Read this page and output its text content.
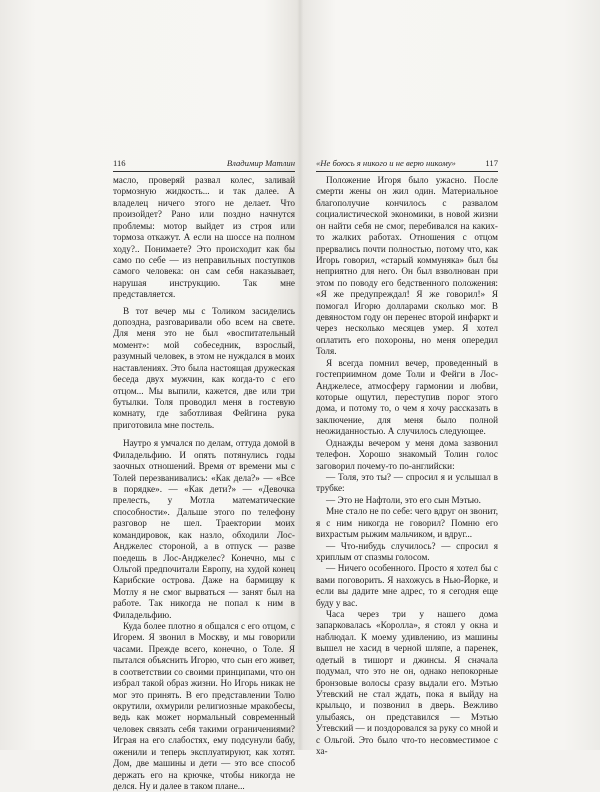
116	Владимир Матлин

масло, проверяй развал колес, заливай тормозную жидкость... и так далее. А владелец ничего этого не делает. Что произойдет? Рано или поздно начнутся проблемы: мотор выйдет из строя или тормоза откажут. А если на шоссе на полном ходу?.. Понимаете? Это происходит как бы само по себе — из неправильных поступков самого человека: он сам себя наказывает, нарушая инструкцию. Так мне представляется.

В тот вечер мы с Толиком засиделись допоздна, разговаривали обо всем на свете. Для меня это не был «воспитательный момент»: мой собеседник, взрослый, разумный человек, в этом не нуждался в моих наставлениях. Это была настоящая дружеская беседа двух мужчин, как когда-то с его отцом... Мы выпили, кажется, две или три бутылки. Толя проводил меня в гостевую комнату, где заботливая Фейгина рука приготовила мне постель.

Наутро я умчался по делам, оттуда домой в Филадельфию. И опять потянулись годы заочных отношений. Время от времени мы с Толей перезванивались: «Как дела?» — «Все в порядке». — «Как дети?» — «Девочка прелесть, у Мотла математические способности». Дальше этого по телефону разговор не шел. Траектории моих командировок, как назло, обходили Лос-Анджелес стороной, а в отпуск — разве поедешь в Лос-Анджелес? Конечно, мы с Ольгой предпочитали Европу, на худой конец Карибские острова. Даже на бармицву к Мотлу я не смог вырваться — занят был на работе. Так никогда не попал к ним в Филадельфию.

Куда более плотно я общался с его отцом, с Игорем. Я звонил в Москву, и мы говорили часами. Прежде всего, конечно, о Толе. Я пытался объяснить Игорю, что сын его живет, в соответствии со своими принципами, что он избрал такой образ жизни. Но Игорь никак не мог это принять. В его представлении Толю окрутили, охмурили религиозные мракобесы, ведь как может нормальный современный человек связать себя такими ограничениями? Играя на его слабостях, ему подсунули бабу, оженили и теперь эксплуатируют, как хотят. Дом, две машины и дети — это все способ держать его на крючке, чтобы никогда не делся. Ну и далее в таком плане...

«Не боюсь я никого и не верю никому»	117

Положение Игоря было ужасно. После смерти жены он жил один. Материальное благополучие кончилось с развалом социалистической экономики, в новой жизни он найти себя не смог, перебивался на каких-то жалких работах. Отношения с отцом прервались почти полностью, потому что, как Игорь говорил, «старый коммуняка» был бы неприятно для него. Он был взволнован при этом по поводу его бедственного положения: «Я же предупреждал! Я же говорил!» Я помогал Игорю долларами сколько мог. В девяностом году он перенес второй инфаркт и через несколько месяцев умер. Я хотел оплатить его похороны, но меня опередил Толя.

Я всегда помнил вечер, проведенный в гостеприимном доме Толи и Фейги в Лос-Анджелесе, атмосферу гармонии и любви, которые ощутил, переступив порог этого дома, и потому то, о чем я хочу рассказать в заключение, для меня было полной неожиданностью. А случилось следующее.

Однажды вечером у меня дома зазвонил телефон. Хорошо знакомый Толин голос заговорил почему-то по-английски:

— Толя, это ты? — спросил я и услышал в трубке:

— Это не Нафтоли, это его сын Мэтью.

Мне стало не по себе: чего вдруг он звонит, я с ним никогда не говорил? Помню его вихрастым рыжим мальчиком, и вдруг...

— Что-нибудь случилось? — спросил я хриплым от спазмы голосом.

— Ничего особенного. Просто я хотел бы с вами поговорить. Я нахожусь в Нью-Йорке, и если вы дадите мне адрес, то я сегодня еще буду у вас.

Часа через три у нашего дома запарковалась «Королла», я стоял у окна и наблюдал. К моему удивлению, из машины вышел не хасид в черной шляпе, а паренек, одетый в тишорт и джинсы. Я сначала подумал, что это не он, однако непокорные бронзовые волосы сразу выдали его. Мэтью Утевский не стал ждать, пока я выйду на крыльцо, и позвонил в дверь. Вежливо улыбаясь, он представился — Мэтью Утевский — и поздоровался за руку со мной и с Ольгой. Это было что-то несовместимое с ха-
